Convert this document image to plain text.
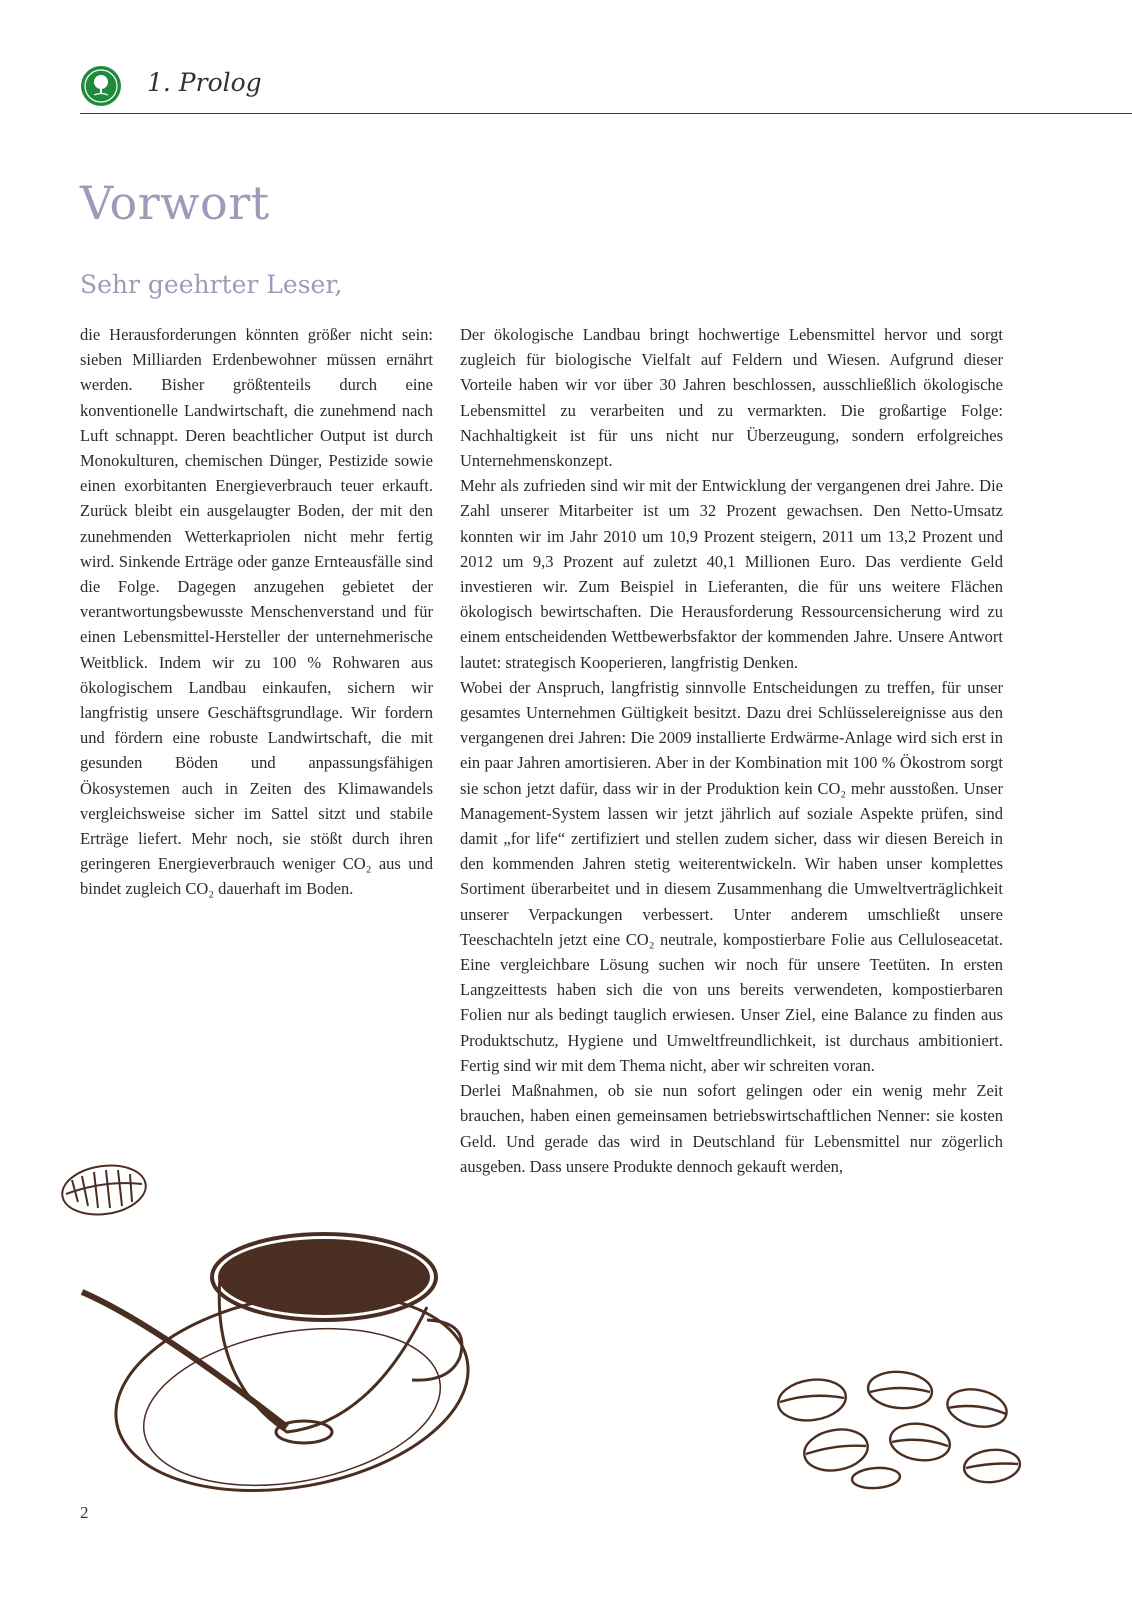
1. Prolog
Vorwort
Sehr geehrter Leser,

die Herausforderungen könnten größer nicht sein: sieben Milliarden Erdenbewohner müssen ernährt werden. Bisher größtenteils durch eine konventionelle Landwirtschaft, die zunehmend nach Luft schnappt. Deren beachtlicher Output ist durch Monokulturen, chemischen Dünger, Pestizide sowie einen exorbitanten Energieverbrauch teuer erkauft. Zurück bleibt ein ausgelaugter Boden, der mit den zunehmenden Wetterkapriolen nicht mehr fertig wird. Sinkende Erträge oder ganze Ernteausfälle sind die Folge. Dagegen anzugehen gebietet der verantwortungsbewusste Menschenverstand und für einen Lebensmittel-Hersteller der unternehmerische Weitblick. Indem wir zu 100 % Rohwaren aus ökologischem Landbau einkaufen, sichern wir langfristig unsere Geschäftsgrundlage. Wir fordern und fördern eine robuste Landwirtschaft, die mit gesunden Böden und anpassungsfähigen Ökosystemen auch in Zeiten des Klimawandels vergleichsweise sicher im Sattel sitzt und stabile Erträge liefert. Mehr noch, sie stößt durch ihren geringeren Energieverbrauch weniger CO₂ aus und bindet zugleich CO₂ dauerhaft im Boden.

Der ökologische Landbau bringt hochwertige Lebensmittel hervor und sorgt zugleich für biologische Vielfalt auf Feldern und Wiesen. Aufgrund dieser Vorteile haben wir vor über 30 Jahren beschlossen, ausschließlich ökologische Lebensmittel zu verarbeiten und zu vermarkten. Die großartige Folge: Nachhaltigkeit ist für uns nicht nur Überzeugung, sondern erfolgreiches Unternehmenskonzept.

Mehr als zufrieden sind wir mit der Entwicklung der vergangenen drei Jahre. Die Zahl unserer Mitarbeiter ist um 32 Prozent gewachsen. Den Netto-Umsatz konnten wir im Jahr 2010 um 10,9 Prozent steigern, 2011 um 13,2 Prozent und 2012 um 9,3 Prozent auf zuletzt 40,1 Millionen Euro. Das verdiente Geld investieren wir. Zum Beispiel in Lieferanten, die für uns weitere Flächen ökologisch bewirtschaften. Die Herausforderung Ressourcensicherung wird zu einem entscheidenden Wettbewerbsfaktor der kommenden Jahre. Unsere Antwort lautet: strategisch Kooperieren, langfristig Denken.

Wobei der Anspruch, langfristig sinnvolle Entscheidungen zu treffen, für unser gesamtes Unternehmen Gültigkeit besitzt. Dazu drei Schlüsselereignisse aus den vergangenen drei Jahren: Die 2009 installierte Erdwärme-Anlage wird sich erst in ein paar Jahren amortisieren. Aber in der Kombination mit 100 % Ökostrom sorgt sie schon jetzt dafür, dass wir in der Produktion kein CO₂ mehr ausstoßen. Unser Management-System lassen wir jetzt jährlich auf soziale Aspekte prüfen, sind damit „for life“ zertifiziert und stellen zudem sicher, dass wir diesen Bereich in den kommenden Jahren stetig weiterentwickeln. Wir haben unser komplettes Sortiment überarbeitet und in diesem Zusammenhang die Umweltverträglichkeit unserer Verpackungen verbessert. Unter anderem umschließt unsere Teeschachteln jetzt eine CO₂ neutrale, kompostierbare Folie aus Celluloseacetat. Eine vergleichbare Lösung suchen wir noch für unsere Teetüten. In ersten Langzeittests haben sich die von uns bereits verwendeten, kompostierbaren Folien nur als bedingt tauglich erwiesen. Unser Ziel, eine Balance zu finden aus Produktschutz, Hygiene und Umweltfreundlichkeit, ist durchaus ambitioniert. Fertig sind wir mit dem Thema nicht, aber wir schreiten voran.

Derlei Maßnahmen, ob sie nun sofort gelingen oder ein wenig mehr Zeit brauchen, haben einen gemeinsamen betriebswirtschaftlichen Nenner: sie kosten Geld. Und gerade das wird in Deutschland für Lebensmittel nur zögerlich ausgeben. Dass unsere Produkte dennoch gekauft werden,

2
